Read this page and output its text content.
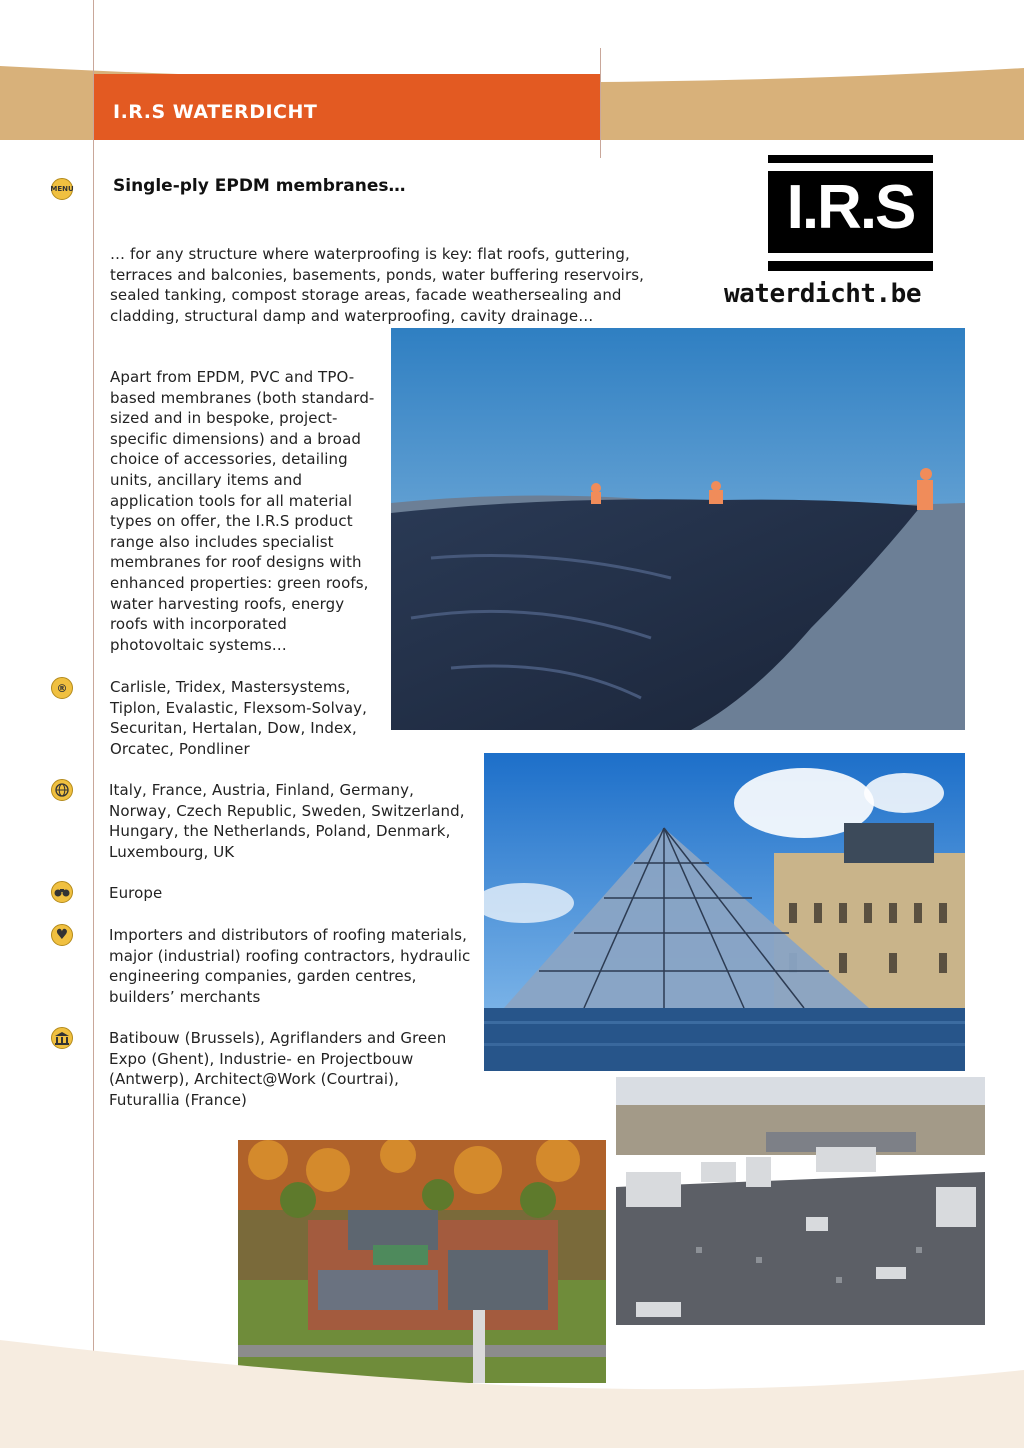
I.R.S WATERDICHT
I.R.S
waterdicht.be
MENU Single-ply EPDM membranes…

… for any structure where waterproofing is key: flat roofs, guttering, terraces and balconies, basements, ponds, water buffering reservoirs, sealed tanking, compost storage areas, facade weathersealing and cladding, structural damp and waterproofing, cavity drainage…

Apart from EPDM, PVC and TPO-based membranes (both standard-sized and in bespoke, project-specific dimensions) and a broad choice of accessories, detailing units, ancillary items and application tools for all material types on offer, the I.R.S product range also includes specialist membranes for roof designs with enhanced properties: green roofs, water harvesting roofs, energy roofs with incorporated photovoltaic systems…

®	Carlisle, Tridex, Mastersystems, Tiplon, Evalastic, Flexsom-Solvay, Securitan, Hertalan, Dow, Index, Orcatec, Pondliner

Italy, France, Austria, Finland, Germany, Norway, Czech Republic, Sweden, Switzerland, Hungary, the Netherlands, Poland, Denmark, Luxembourg, UK

Europe

♥	Importers and distributors of roofing materials, major (industrial) roofing contractors, hydraulic engineering companies, garden centres, builders’ merchants

Batibouw (Brussels), Agriflanders and Green Expo (Ghent), Industrie- en Projectbouw (Antwerp), Architect@Work (Courtrai), Futurallia (France)
